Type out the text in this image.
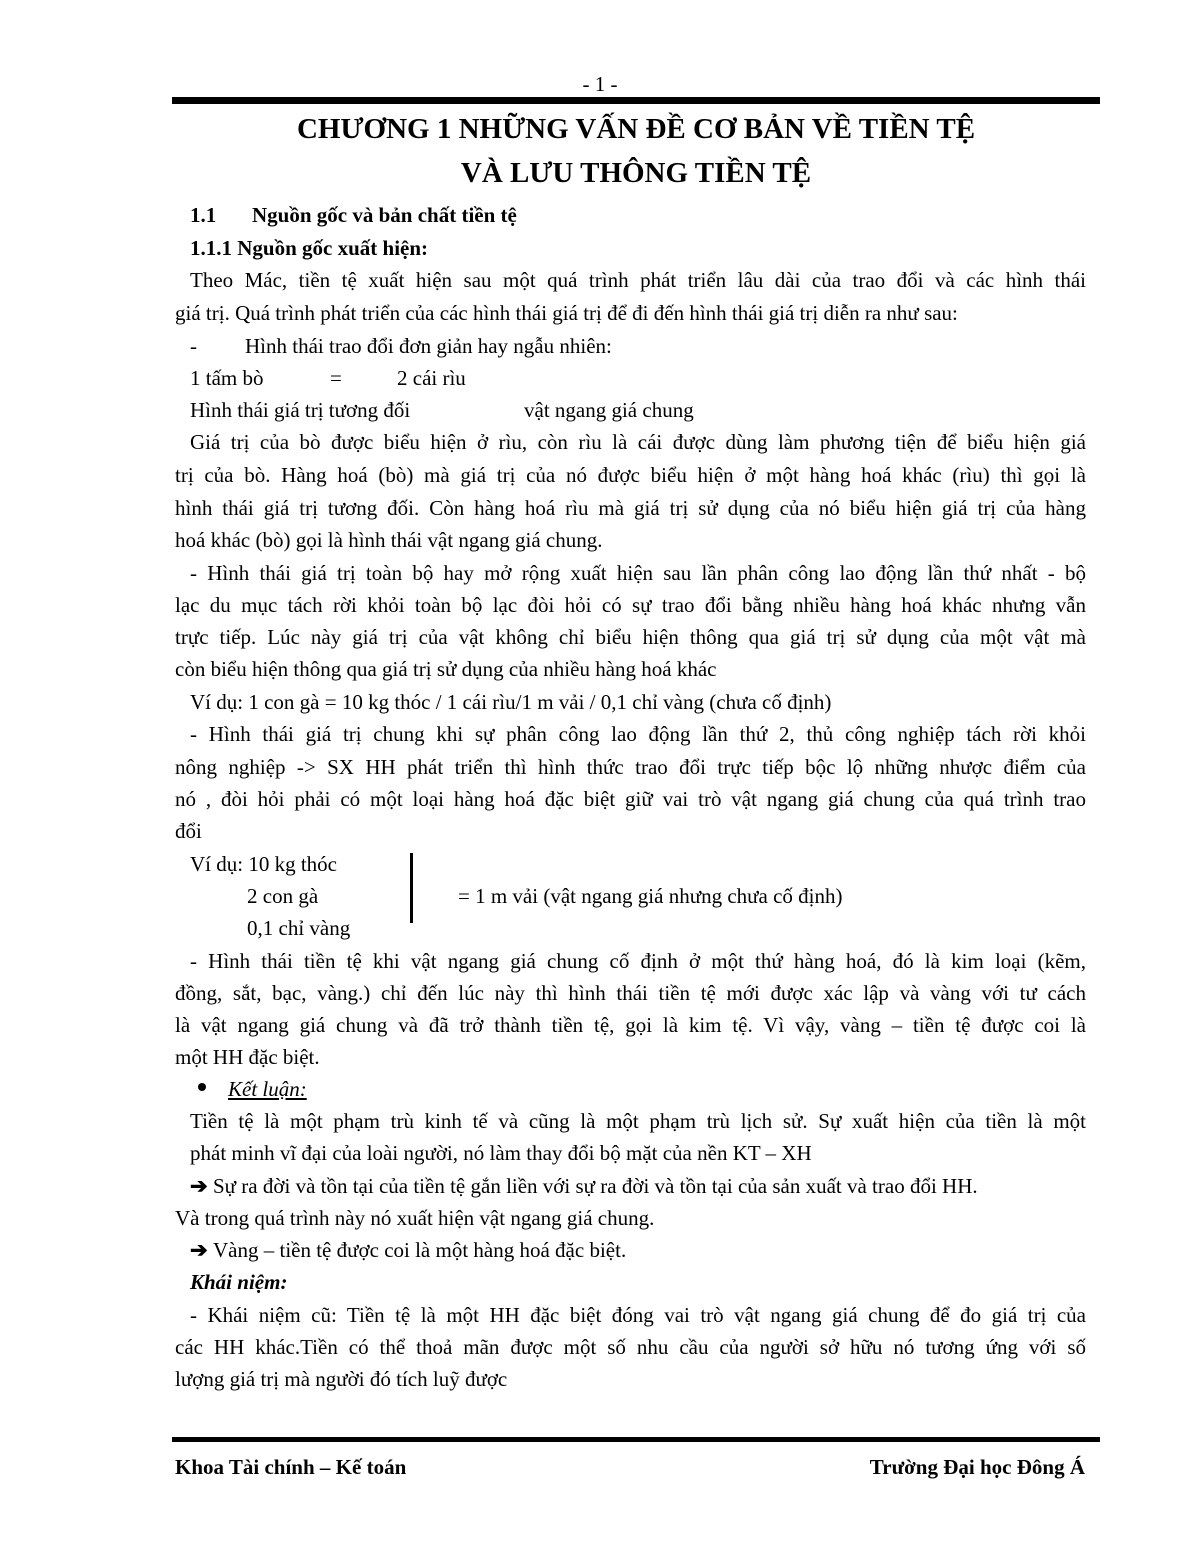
- 1 -
CHƯƠNG 1 NHỮNG VẤN ĐỀ CƠ BẢN VỀ TIỀN TỆ
VÀ LƯU THÔNG TIỀN TỆ
1.1 Nguồn gốc và bản chất tiền tệ
1.1.1 Nguồn gốc xuất hiện:
Theo Mác, tiền tệ xuất hiện sau một quá trình phát triển lâu dài của trao đổi và các hình thái
giá trị. Quá trình phát triển của các hình thái giá trị để đi đến hình thái giá trị diễn ra như sau:
- Hình thái trao đổi đơn giản hay ngẫu nhiên:
1 tấm bò	=	2 cái rìu
Hình thái giá trị tương đối	vật ngang giá chung
Giá trị của bò được biểu hiện ở rìu, còn rìu là cái được dùng làm phương tiện để biểu hiện giá
trị của bò. Hàng hoá (bò) mà giá trị của nó được biểu hiện ở một hàng hoá khác (rìu) thì gọi là
hình thái giá trị tương đối. Còn hàng hoá rìu mà giá trị sử dụng của nó biểu hiện giá trị của hàng
hoá khác (bò) gọi là hình thái vật ngang giá chung.
- Hình thái giá trị toàn bộ hay mở rộng xuất hiện sau lần phân công lao động lần thứ nhất - bộ
lạc du mục tách rời khỏi toàn bộ lạc đòi hỏi có sự trao đổi bằng nhiều hàng hoá khác nhưng vẫn
trực tiếp. Lúc này giá trị của vật không chỉ biểu hiện thông qua giá trị sử dụng của một vật mà
còn biểu hiện thông qua giá trị sử dụng của nhiều hàng hoá khác
Ví dụ: 1 con gà = 10 kg thóc / 1 cái rìu/1 m vải / 0,1 chỉ vàng (chưa cố định)
- Hình thái giá trị chung khi sự phân công lao động lần thứ 2, thủ công nghiệp tách rời khỏi
nông nghiệp -> SX HH phát triển thì hình thức trao đổi trực tiếp bộc lộ những nhược điểm của
nó , đòi hỏi phải có một loại hàng hoá đặc biệt giữ vai trò vật ngang giá chung của quá trình trao
đổi
Ví dụ: 10 kg thóc
2 con gà
0,1 chỉ vàng
= 1 m vải (vật ngang giá nhưng chưa cố định)
- Hình thái tiền tệ khi vật ngang giá chung cố định ở một thứ hàng hoá, đó là kim loại (kẽm,
đồng, sắt, bạc, vàng.) chỉ đến lúc này thì hình thái tiền tệ mới được xác lập và vàng với tư cách
là vật ngang giá chung và đã trở thành tiền tệ, gọi là kim tệ. Vì vậy, vàng – tiền tệ được coi là
một HH đặc biệt.
Kết luận:
Tiền tệ là một phạm trù kinh tế và cũng là một phạm trù lịch sử. Sự xuất hiện của tiền là một
phát minh vĩ đại của loài người, nó làm thay đổi bộ mặt của nền KT – XH
➔ Sự ra đời và tồn tại của tiền tệ gắn liền với sự ra đời và tồn tại của sản xuất và trao đổi HH.
Và trong quá trình này nó xuất hiện vật ngang giá chung.
➔ Vàng – tiền tệ được coi là một hàng hoá đặc biệt.
Khái niệm:
- Khái niệm cũ: Tiền tệ là một HH đặc biệt đóng vai trò vật ngang giá chung để đo giá trị của
các HH khác.Tiền có thể thoả mãn được một số nhu cầu của người sở hữu nó tương ứng với số
lượng giá trị mà người đó tích luỹ được
Khoa Tài chính – Kế toán	Trường Đại học Đông Á
